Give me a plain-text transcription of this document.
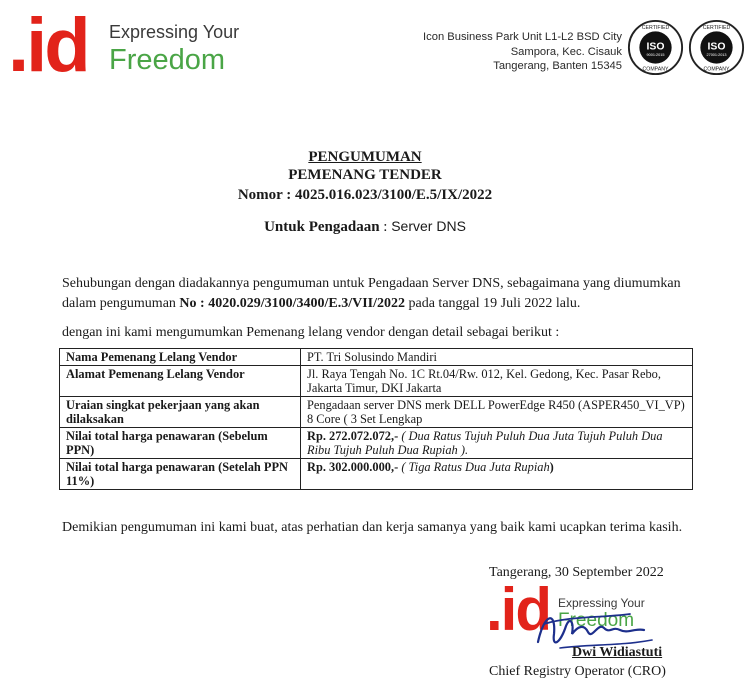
.id Expressing Your
Freedom
Icon Business Park Unit L1-L2 BSD City
Sampora, Kec. Cisauk
Tangerang, Banten 15345
CERTIFIED
ISO
9001:2015
COMPANY
CERTIFIED
ISO
27001:2013
COMPANY
PENGUMUMAN
PEMENANG TENDER
Nomor : 4025.016.023/3100/E.5/IX/2022
Untuk Pengadaan : Server DNS
Sehubungan dengan diadakannya pengumuman untuk Pengadaan Server DNS, sebagaimana yang diumumkan dalam pengumuman No : 4020.029/3100/3400/E.3/VII/2022 pada tanggal 19 Juli 2022 lalu.
dengan ini kami mengumumkan Pemenang lelang vendor dengan detail sebagai berikut :
Nama Pemenang Lelang Vendor	PT. Tri Solusindo Mandiri
Alamat Pemenang Lelang Vendor	Jl. Raya Tengah No. 1C Rt.04/Rw. 012, Kel. Gedong, Kec. Pasar Rebo, Jakarta Timur, DKI Jakarta
Uraian singkat pekerjaan yang akan dilaksakan	Pengadaan server DNS merk DELL PowerEdge R450 (ASPER450_VI_VP) 8 Core ( 3 Set Lengkap
Nilai total harga penawaran (Sebelum PPN)	Rp. 272.072.072,- ( Dua Ratus Tujuh Puluh Dua Juta Tujuh Puluh Dua Ribu Tujuh Puluh Dua Rupiah ).
Nilai total harga penawaran (Setelah PPN 11%)	Rp. 302.000.000,- ( Tiga Ratus Dua Juta Rupiah)
Demikian pengumuman ini kami buat, atas perhatian dan kerja samanya yang baik kami ucapkan terima kasih.
Tangerang, 30 September 2022
.id Expressing Your
Freedom
Dwi Widiastuti
Chief Registry Operator (CRO)
